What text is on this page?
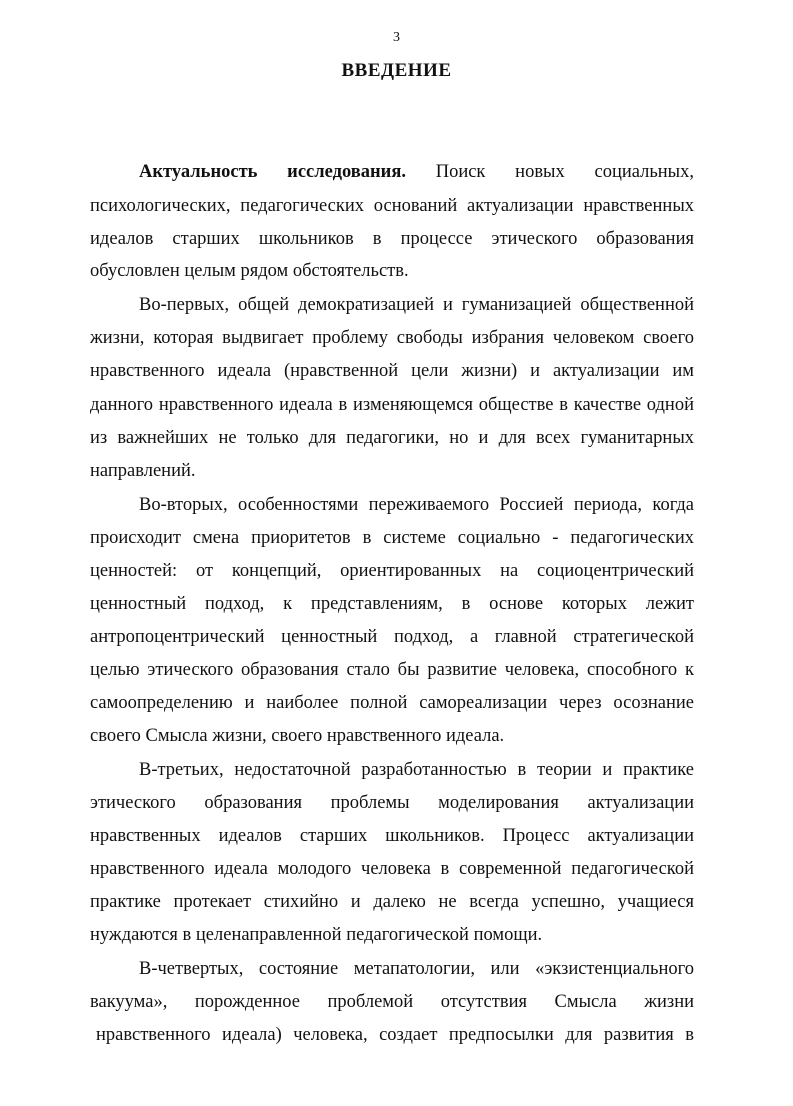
3
ВВЕДЕНИЕ
Актуальность исследования. Поиск новых социальных,
психологических, педагогических оснований актуализации нравственных
идеалов старших школьников в процессе этического образования
обусловлен целым рядом обстоятельств.
Во-первых, общей демократизацией и гуманизацией общественной
жизни, которая выдвигает проблему свободы избрания человеком своего
нравственного идеала (нравственной цели жизни) и актуализации им
данного нравственного идеала в изменяющемся обществе в качестве одной
из важнейших не только для педагогики, но и для всех гуманитарных
направлений.
Во-вторых, особенностями переживаемого Россией периода, когда
происходит смена приоритетов в системе социально - педагогических
ценностей: от концепций, ориентированных на социоцентрический
ценностный подход, к представлениям, в основе которых лежит
антропоцентрический ценностный подход, а главной стратегической
целью этического образования стало бы развитие человека, способного к
самоопределению и наиболее полной самореализации через осознание
своего Смысла жизни, своего нравственного идеала.
В-третьих, недостаточной разработанностью в теории и практике
этического образования проблемы моделирования актуализации
нравственных идеалов старших школьников. Процесс актуализации
нравственного идеала молодого человека в современной педагогической
практике протекает стихийно и далеко не всегда успешно, учащиеся
нуждаются в целенаправленной педагогической помощи.
В-четвертых, состояние метапатологии, или «экзистенциального
вакуума», порожденное проблемой отсутствия Смысла жизни
нравственного идеала) человека, создает предпосылки для развития в
